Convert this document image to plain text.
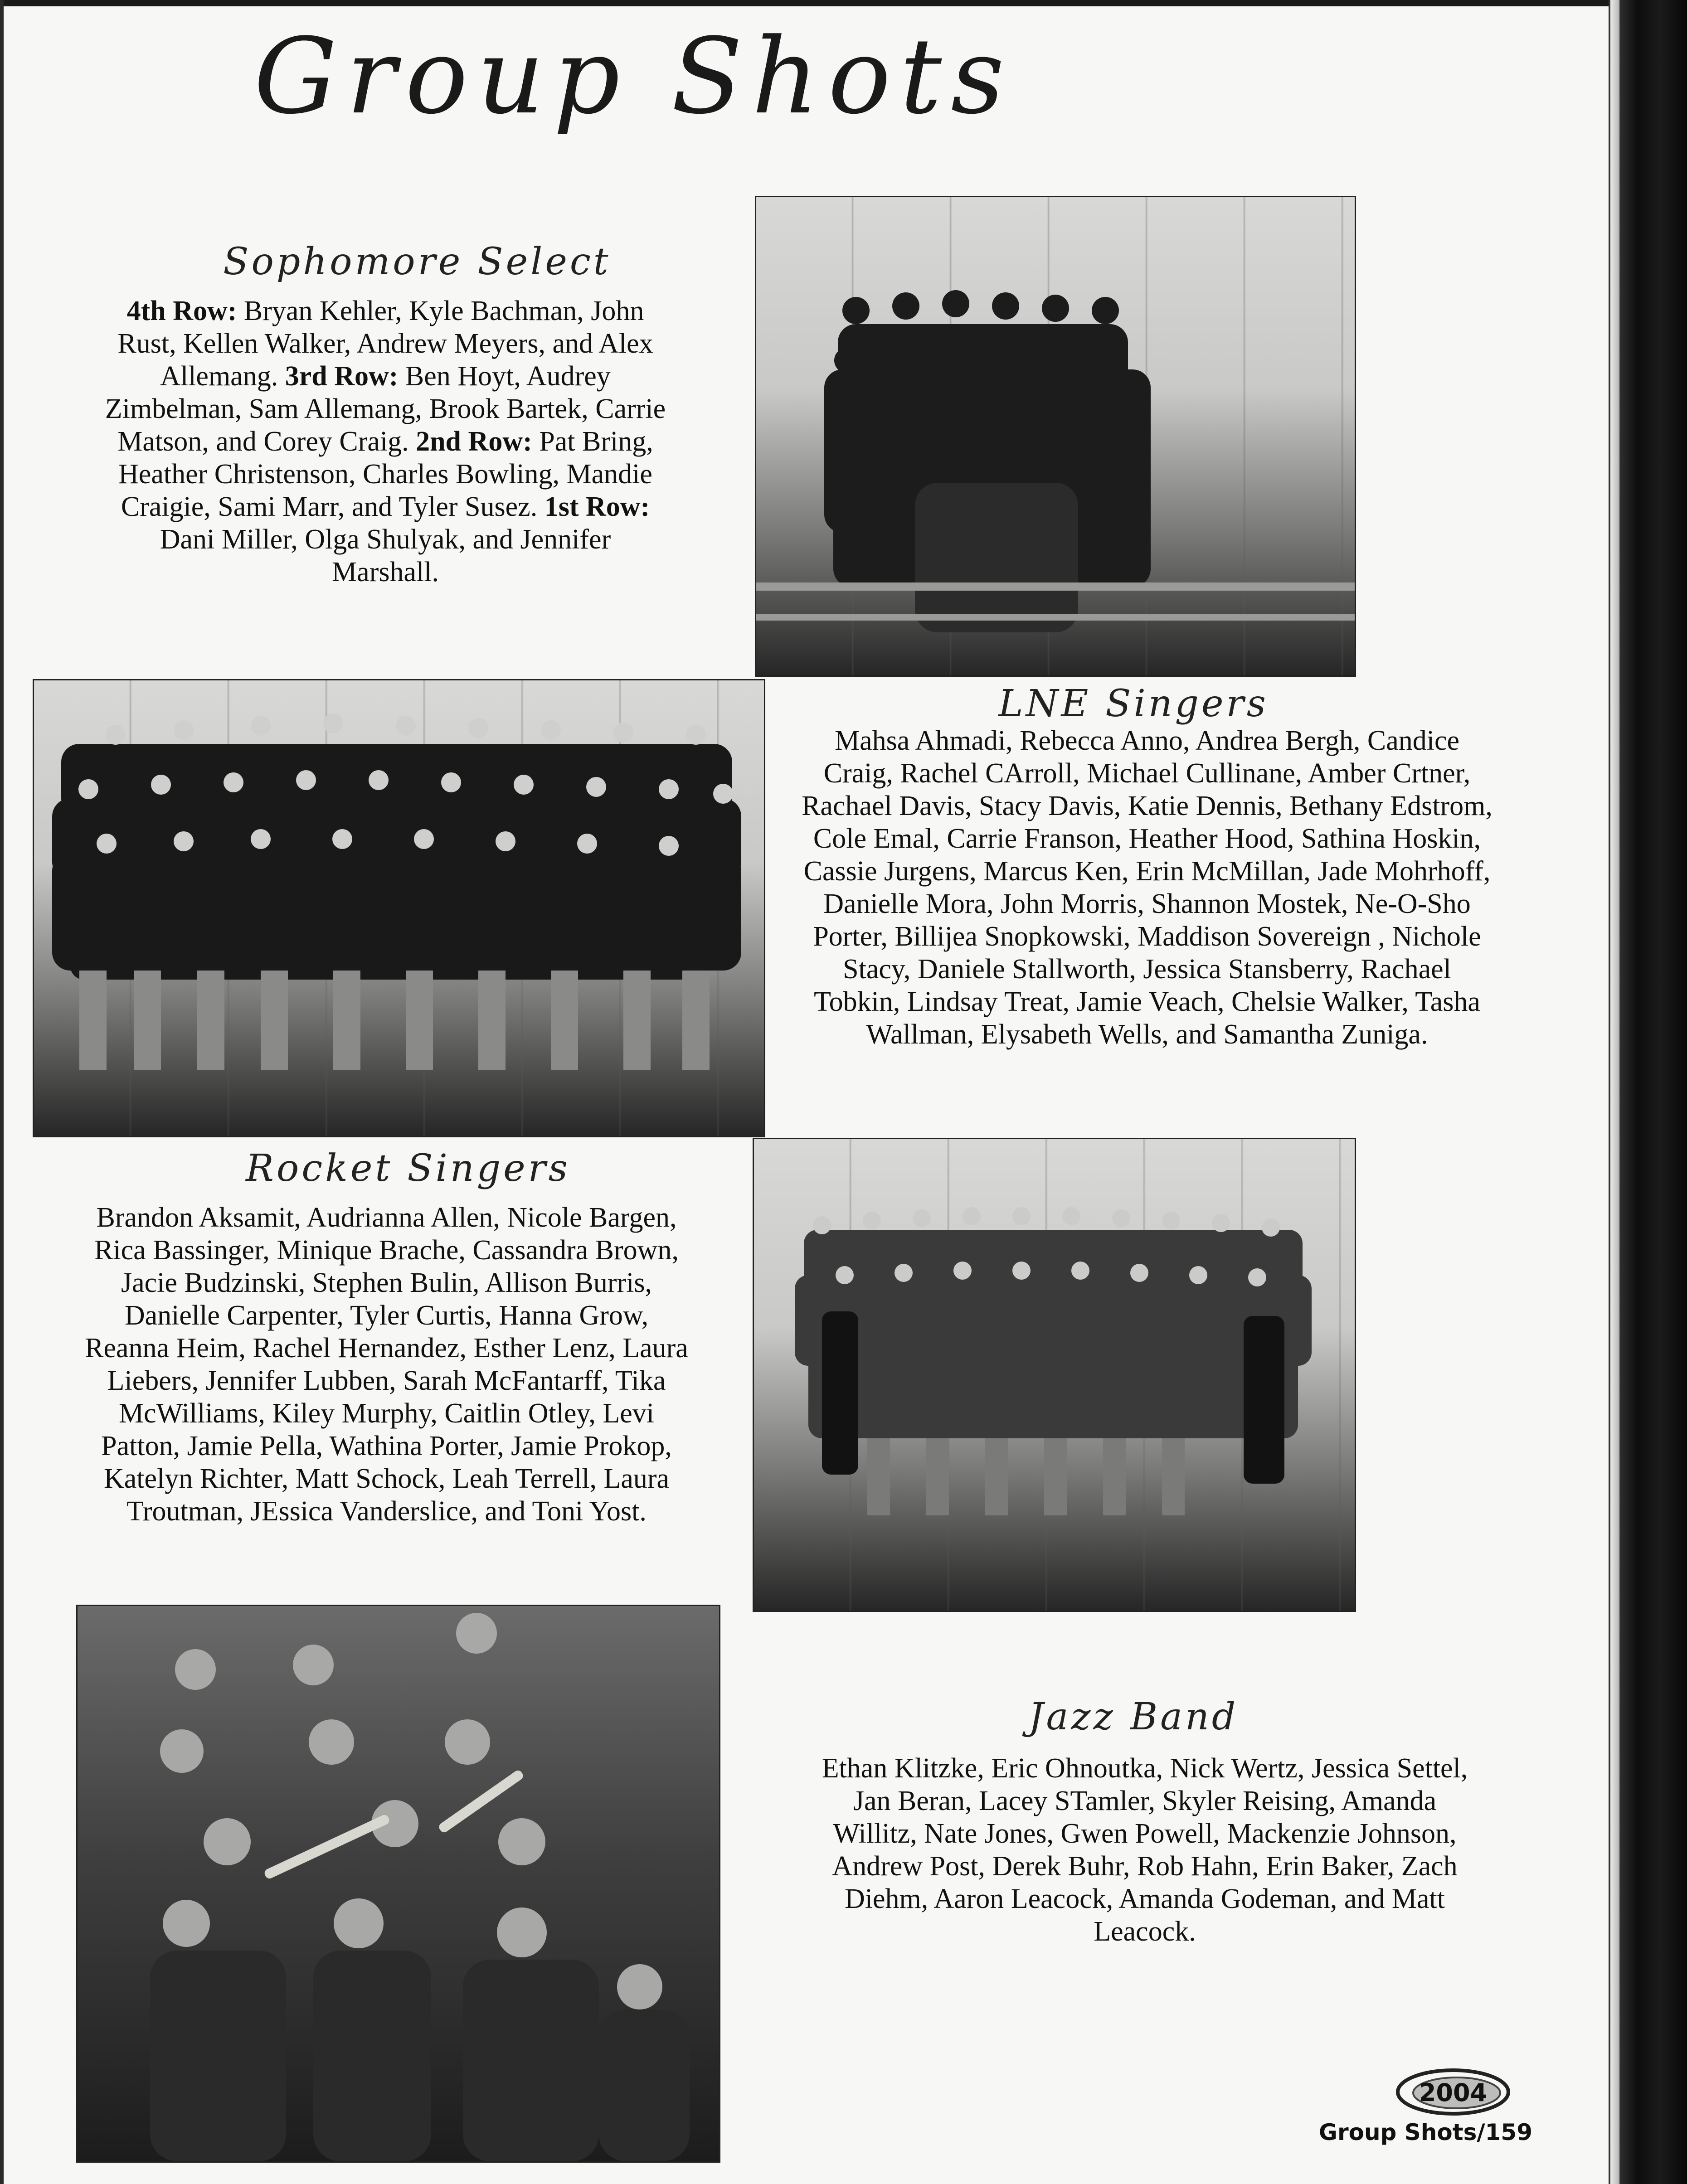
Group Shots
Sophomore Select
4th Row: Bryan Kehler, Kyle Bachman, John Rust, Kellen Walker, Andrew Meyers, and Alex Allemang. 3rd Row: Ben Hoyt, Audrey Zimbelman, Sam Allemang, Brook Bartek, Carrie Matson, and Corey Craig. 2nd Row: Pat Bring, Heather Christenson, Charles Bowling, Mandie Craigie, Sami Marr, and Tyler Susez. 1st Row: Dani Miller, Olga Shulyak, and Jennifer Marshall.
LNE Singers
Mahsa Ahmadi, Rebecca Anno, Andrea Bergh, Candice Craig, Rachel CArroll, Michael Cullinane, Amber Crtner, Rachael Davis, Stacy Davis, Katie Dennis, Bethany Edstrom, Cole Emal, Carrie Franson, Heather Hood, Sathina Hoskin, Cassie Jurgens, Marcus Ken, Erin McMillan, Jade Mohrhoff, Danielle Mora, John Morris, Shannon Mostek, Ne-O-Sho Porter, Billijea Snopkowski, Maddison Sovereign , Nichole Stacy, Daniele Stallworth, Jessica Stansberry, Rachael Tobkin, Lindsay Treat, Jamie Veach, Chelsie Walker, Tasha Wallman, Elysabeth Wells, and Samantha Zuniga.
Rocket Singers
Brandon Aksamit, Audrianna Allen, Nicole Bargen, Rica Bassinger, Minique Brache, Cassandra Brown, Jacie Budzinski, Stephen Bulin, Allison Burris, Danielle Carpenter, Tyler Curtis, Hanna Grow, Reanna Heim, Rachel Hernandez, Esther Lenz, Laura Liebers, Jennifer Lubben, Sarah McFantarff, Tika McWilliams, Kiley Murphy, Caitlin Otley, Levi Patton, Jamie Pella, Wathina Porter, Jamie Prokop, Katelyn Richter, Matt Schock, Leah Terrell, Laura Troutman, JEssica Vanderslice, and Toni Yost.
Jazz Band
Ethan Klitzke, Eric Ohnoutka, Nick Wertz, Jessica Settel, Jan Beran, Lacey STamler, Skyler Reising, Amanda Willitz, Nate Jones, Gwen Powell, Mackenzie Johnson, Andrew Post, Derek Buhr, Rob Hahn, Erin Baker, Zach Diehm, Aaron Leacock, Amanda Godeman, and Matt Leacock.
2004
Group Shots/159
